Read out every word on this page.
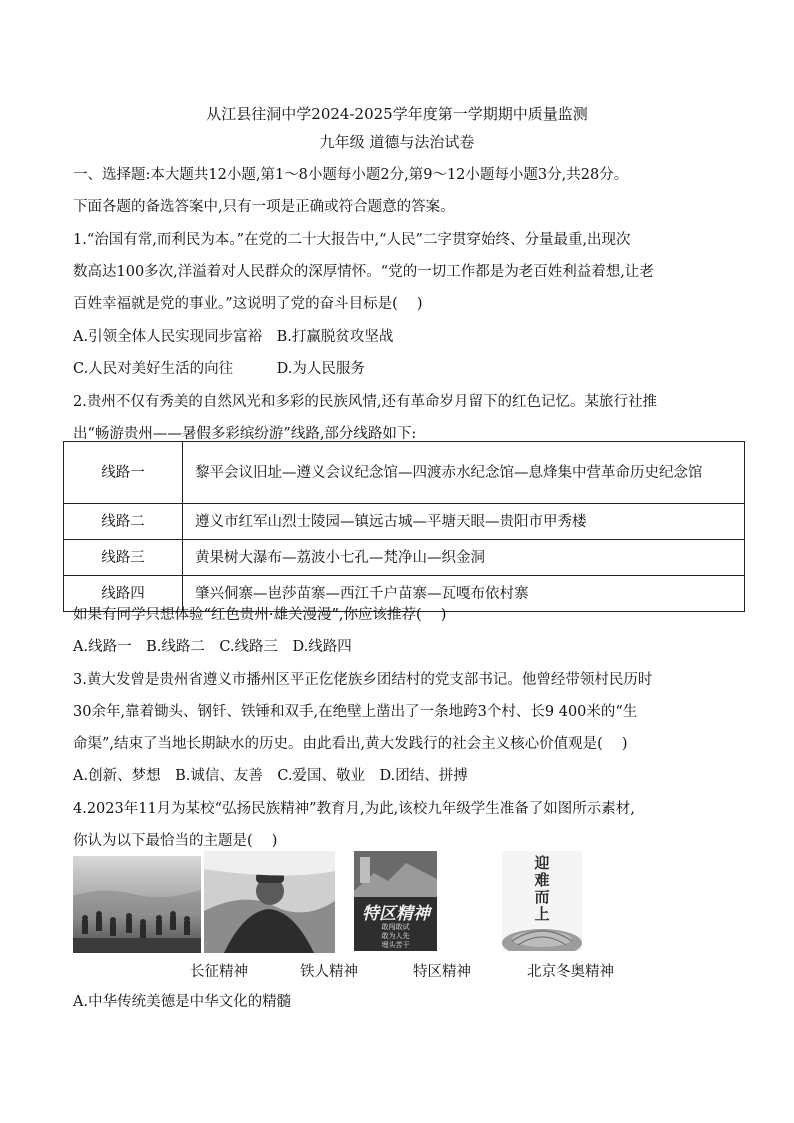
从江县往洞中学2024-2025学年度第一学期期中质量监测
九年级 道德与法治试卷
一、选择题:本大题共12小题,第1～8小题每小题2分,第9～12小题每小题3分,共28分。
下面各题的备选答案中,只有一项是正确或符合题意的答案。
1.“治国有常,而利民为本。”在党的二十大报告中,“人民”二字贯穿始终、分量最重,出现次
数高达100多次,洋溢着对人民群众的深厚情怀。“党的一切工作都是为老百姓利益着想,让老
百姓幸福就是党的事业。”这说明了党的奋斗目标是(　 )
A.引领全体人民实现同步富裕　B.打赢脱贫攻坚战
C.人民对美好生活的向往　　　D.为人民服务
2.贵州不仅有秀美的自然风光和多彩的民族风情,还有革命岁月留下的红色记忆。某旅行社推
出“畅游贵州——暑假多彩缤纷游”线路,部分线路如下:
线路一	黎平会议旧址—遵义会议纪念馆—四渡赤水纪念馆—息烽集中营革命历史纪念馆
线路二	遵义市红军山烈士陵园—镇远古城—平塘天眼—贵阳市甲秀楼
线路三	黄果树大瀑布—荔波小七孔—梵净山—织金洞
线路四	肇兴侗寨—岜莎苗寨—西江千户苗寨—瓦嘎布依村寨
如果有同学只想体验“红色贵州·雄关漫漫”,你应该推荐(　 )
A.线路一　B.线路二　C.线路三　D.线路四
3.黄大发曾是贵州省遵义市播州区平正仡佬族乡团结村的党支部书记。他曾经带领村民历时
30余年,靠着锄头、钢钎、铁锤和双手,在绝壁上凿出了一条地跨3个村、长9 400米的“生
命渠”,结束了当地长期缺水的历史。由此看出,黄大发践行的社会主义核心价值观是(　 )
A.创新、梦想　B.诚信、友善　C.爱国、敬业　D.团结、拼搏
4.2023年11月为某校“弘扬民族精神”教育月,为此,该校九年级学生准备了如图所示素材,
你认为以下最恰当的主题是(　 )
特区精神
敢闯敢试
敢为人先
埋头苦干
迎
难
而
上
长征精神	铁人精神	特区精神	北京冬奥精神
A.中华传统美德是中华文化的精髓
